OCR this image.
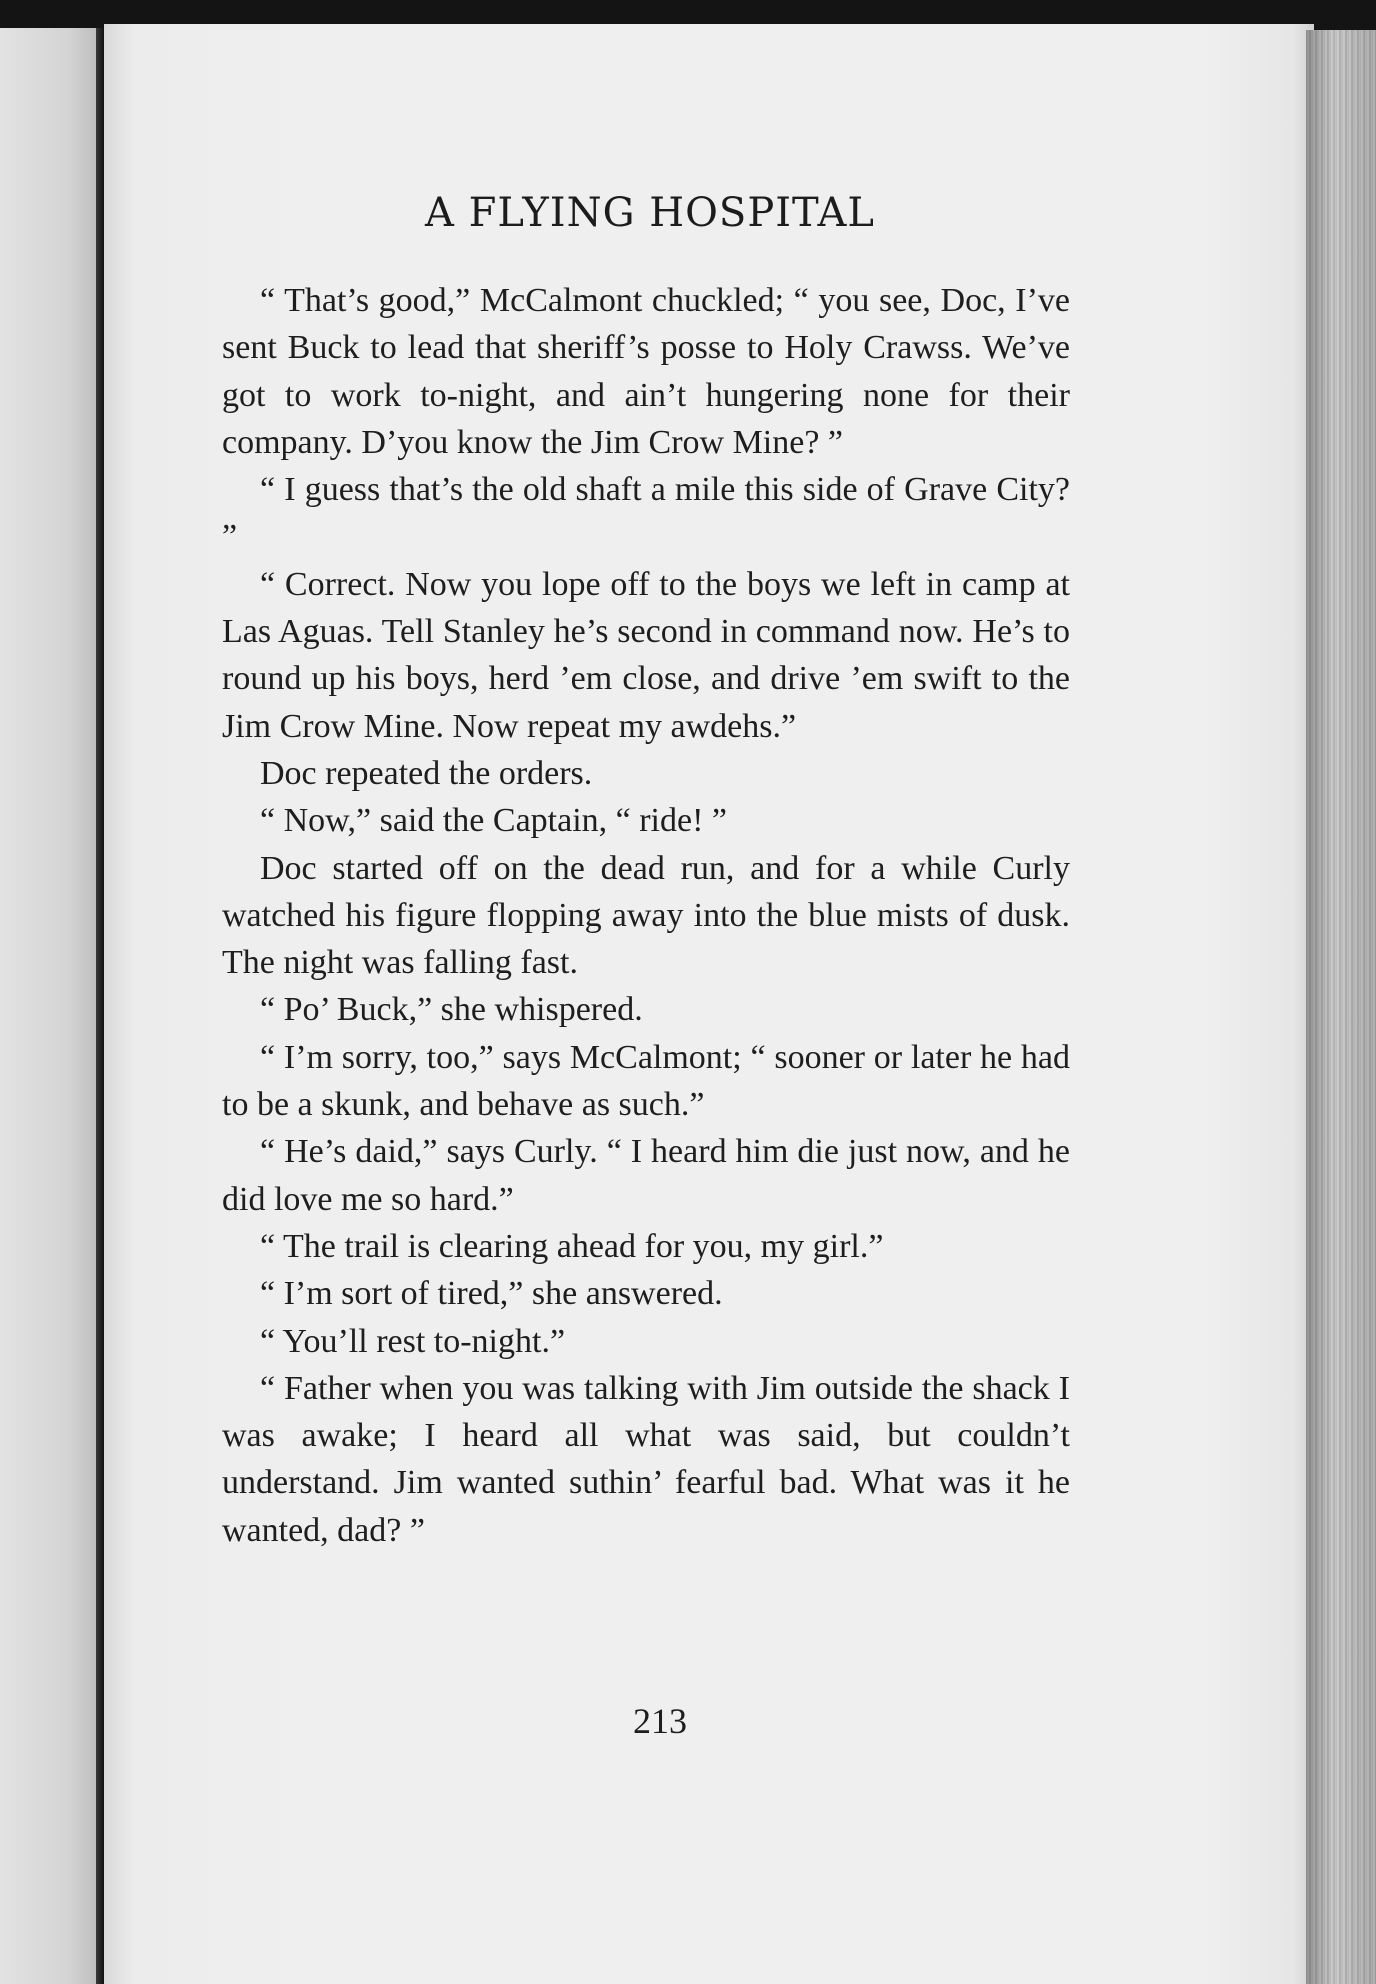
A FLYING HOSPITAL

“ That’s good,” McCalmont chuckled; “ you see, Doc, I’ve sent Buck to lead that sheriff’s posse to Holy Crawss. We’ve got to work to-night, and ain’t hungering none for their company. D’you know the Jim Crow Mine? ”

“ I guess that’s the old shaft a mile this side of Grave City? ”

“ Correct. Now you lope off to the boys we left in camp at Las Aguas. Tell Stanley he’s second in command now. He’s to round up his boys, herd ’em close, and drive ’em swift to the Jim Crow Mine. Now repeat my awdehs.”

Doc repeated the orders.

“ Now,” said the Captain, “ ride! ”

Doc started off on the dead run, and for a while Curly watched his figure flopping away into the blue mists of dusk. The night was falling fast.

“ Po’ Buck,” she whispered.

“ I’m sorry, too,” says McCalmont; “ sooner or later he had to be a skunk, and behave as such.”

“ He’s daid,” says Curly. “ I heard him die just now, and he did love me so hard.”

“ The trail is clearing ahead for you, my girl.”

“ I’m sort of tired,” she answered.

“ You’ll rest to-night.”

“ Father when you was talking with Jim outside the shack I was awake; I heard all what was said, but couldn’t understand. Jim wanted suthin’ fearful bad. What was it he wanted, dad? ”

213
